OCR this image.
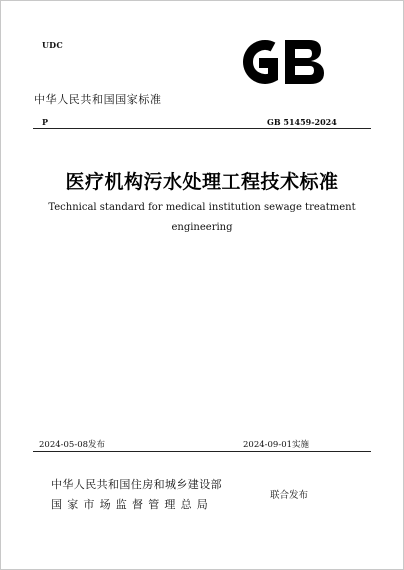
UDC
中华人民共和国国家标准
P	GB 51459-2024
医疗机构污水处理工程技术标准
Technical standard for medical institution sewage treatment
engineering
2024-05-08发布	2024-09-01实施
中华人民共和国住房和城乡建设部
国家市场监督管理总局
联合发布
